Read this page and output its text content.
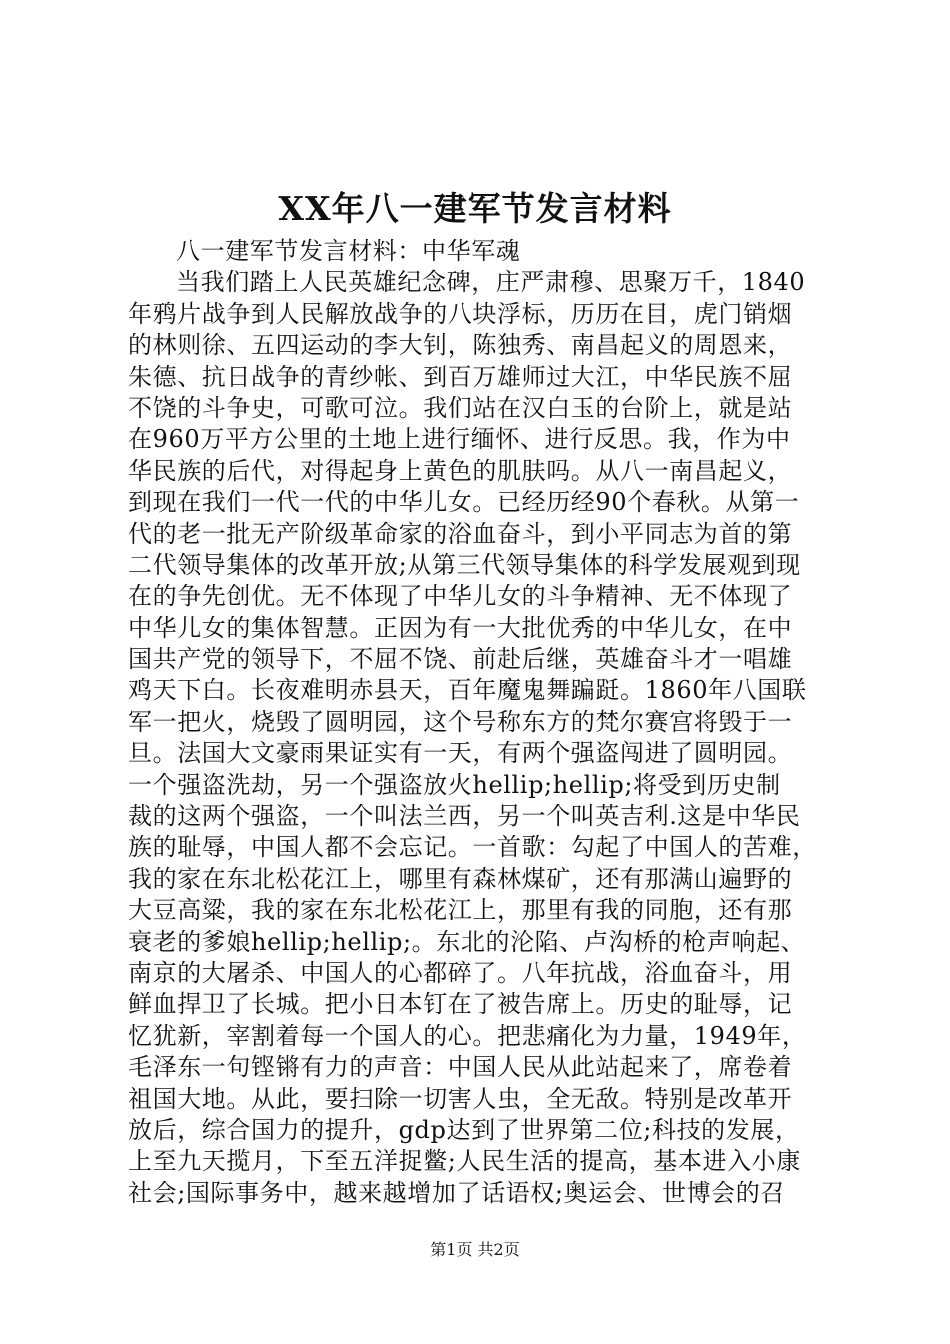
XX年八一建军节发言材料
八一建军节发言材料：中华军魂
当我们踏上人民英雄纪念碑，庄严肃穆、思聚万千，1840
年鸦片战争到人民解放战争的八块浮标，历历在目，虎门销烟
的林则徐、五四运动的李大钊，陈独秀、南昌起义的周恩来，
朱德、抗日战争的青纱帐、到百万雄师过大江，中华民族不屈
不饶的斗争史，可歌可泣。我们站在汉白玉的台阶上，就是站
在960万平方公里的土地上进行缅怀、进行反思。我，作为中
华民族的后代，对得起身上黄色的肌肤吗。从八一南昌起义，
到现在我们一代一代的中华儿女。已经历经90个春秋。从第一
代的老一批无产阶级革命家的浴血奋斗，到小平同志为首的第
二代领导集体的改革开放;从第三代领导集体的科学发展观到现
在的争先创优。无不体现了中华儿女的斗争精神、无不体现了
中华儿女的集体智慧。正因为有一大批优秀的中华儿女，在中
国共产党的领导下，不屈不饶、前赴后继，英雄奋斗才一唱雄
鸡天下白。长夜难明赤县天，百年魔鬼舞蹁跹。1860年八国联
军一把火，烧毁了圆明园，这个号称东方的梵尔赛宫将毁于一
旦。法国大文豪雨果证实有一天，有两个强盗闯进了圆明园。
一个强盗洗劫，另一个强盗放火hellip;hellip;将受到历史制
裁的这两个强盗，一个叫法兰西，另一个叫英吉利.这是中华民
族的耻辱，中国人都不会忘记。一首歌：勾起了中国人的苦难，
我的家在东北松花江上，哪里有森林煤矿，还有那满山遍野的
大豆高粱，我的家在东北松花江上，那里有我的同胞，还有那
衰老的爹娘hellip;hellip;。东北的沦陷、卢沟桥的枪声响起、
南京的大屠杀、中国人的心都碎了。八年抗战，浴血奋斗，用
鲜血捍卫了长城。把小日本钉在了被告席上。历史的耻辱，记
忆犹新，宰割着每一个国人的心。把悲痛化为力量，1949年，
毛泽东一句铿锵有力的声音：中国人民从此站起来了，席卷着
祖国大地。从此，要扫除一切害人虫，全无敌。特别是改革开
放后，综合国力的提升，gdp达到了世界第二位;科技的发展，
上至九天揽月，下至五洋捉鳖;人民生活的提高，基本进入小康
社会;国际事务中，越来越增加了话语权;奥运会、世博会的召
第1页 共2页
